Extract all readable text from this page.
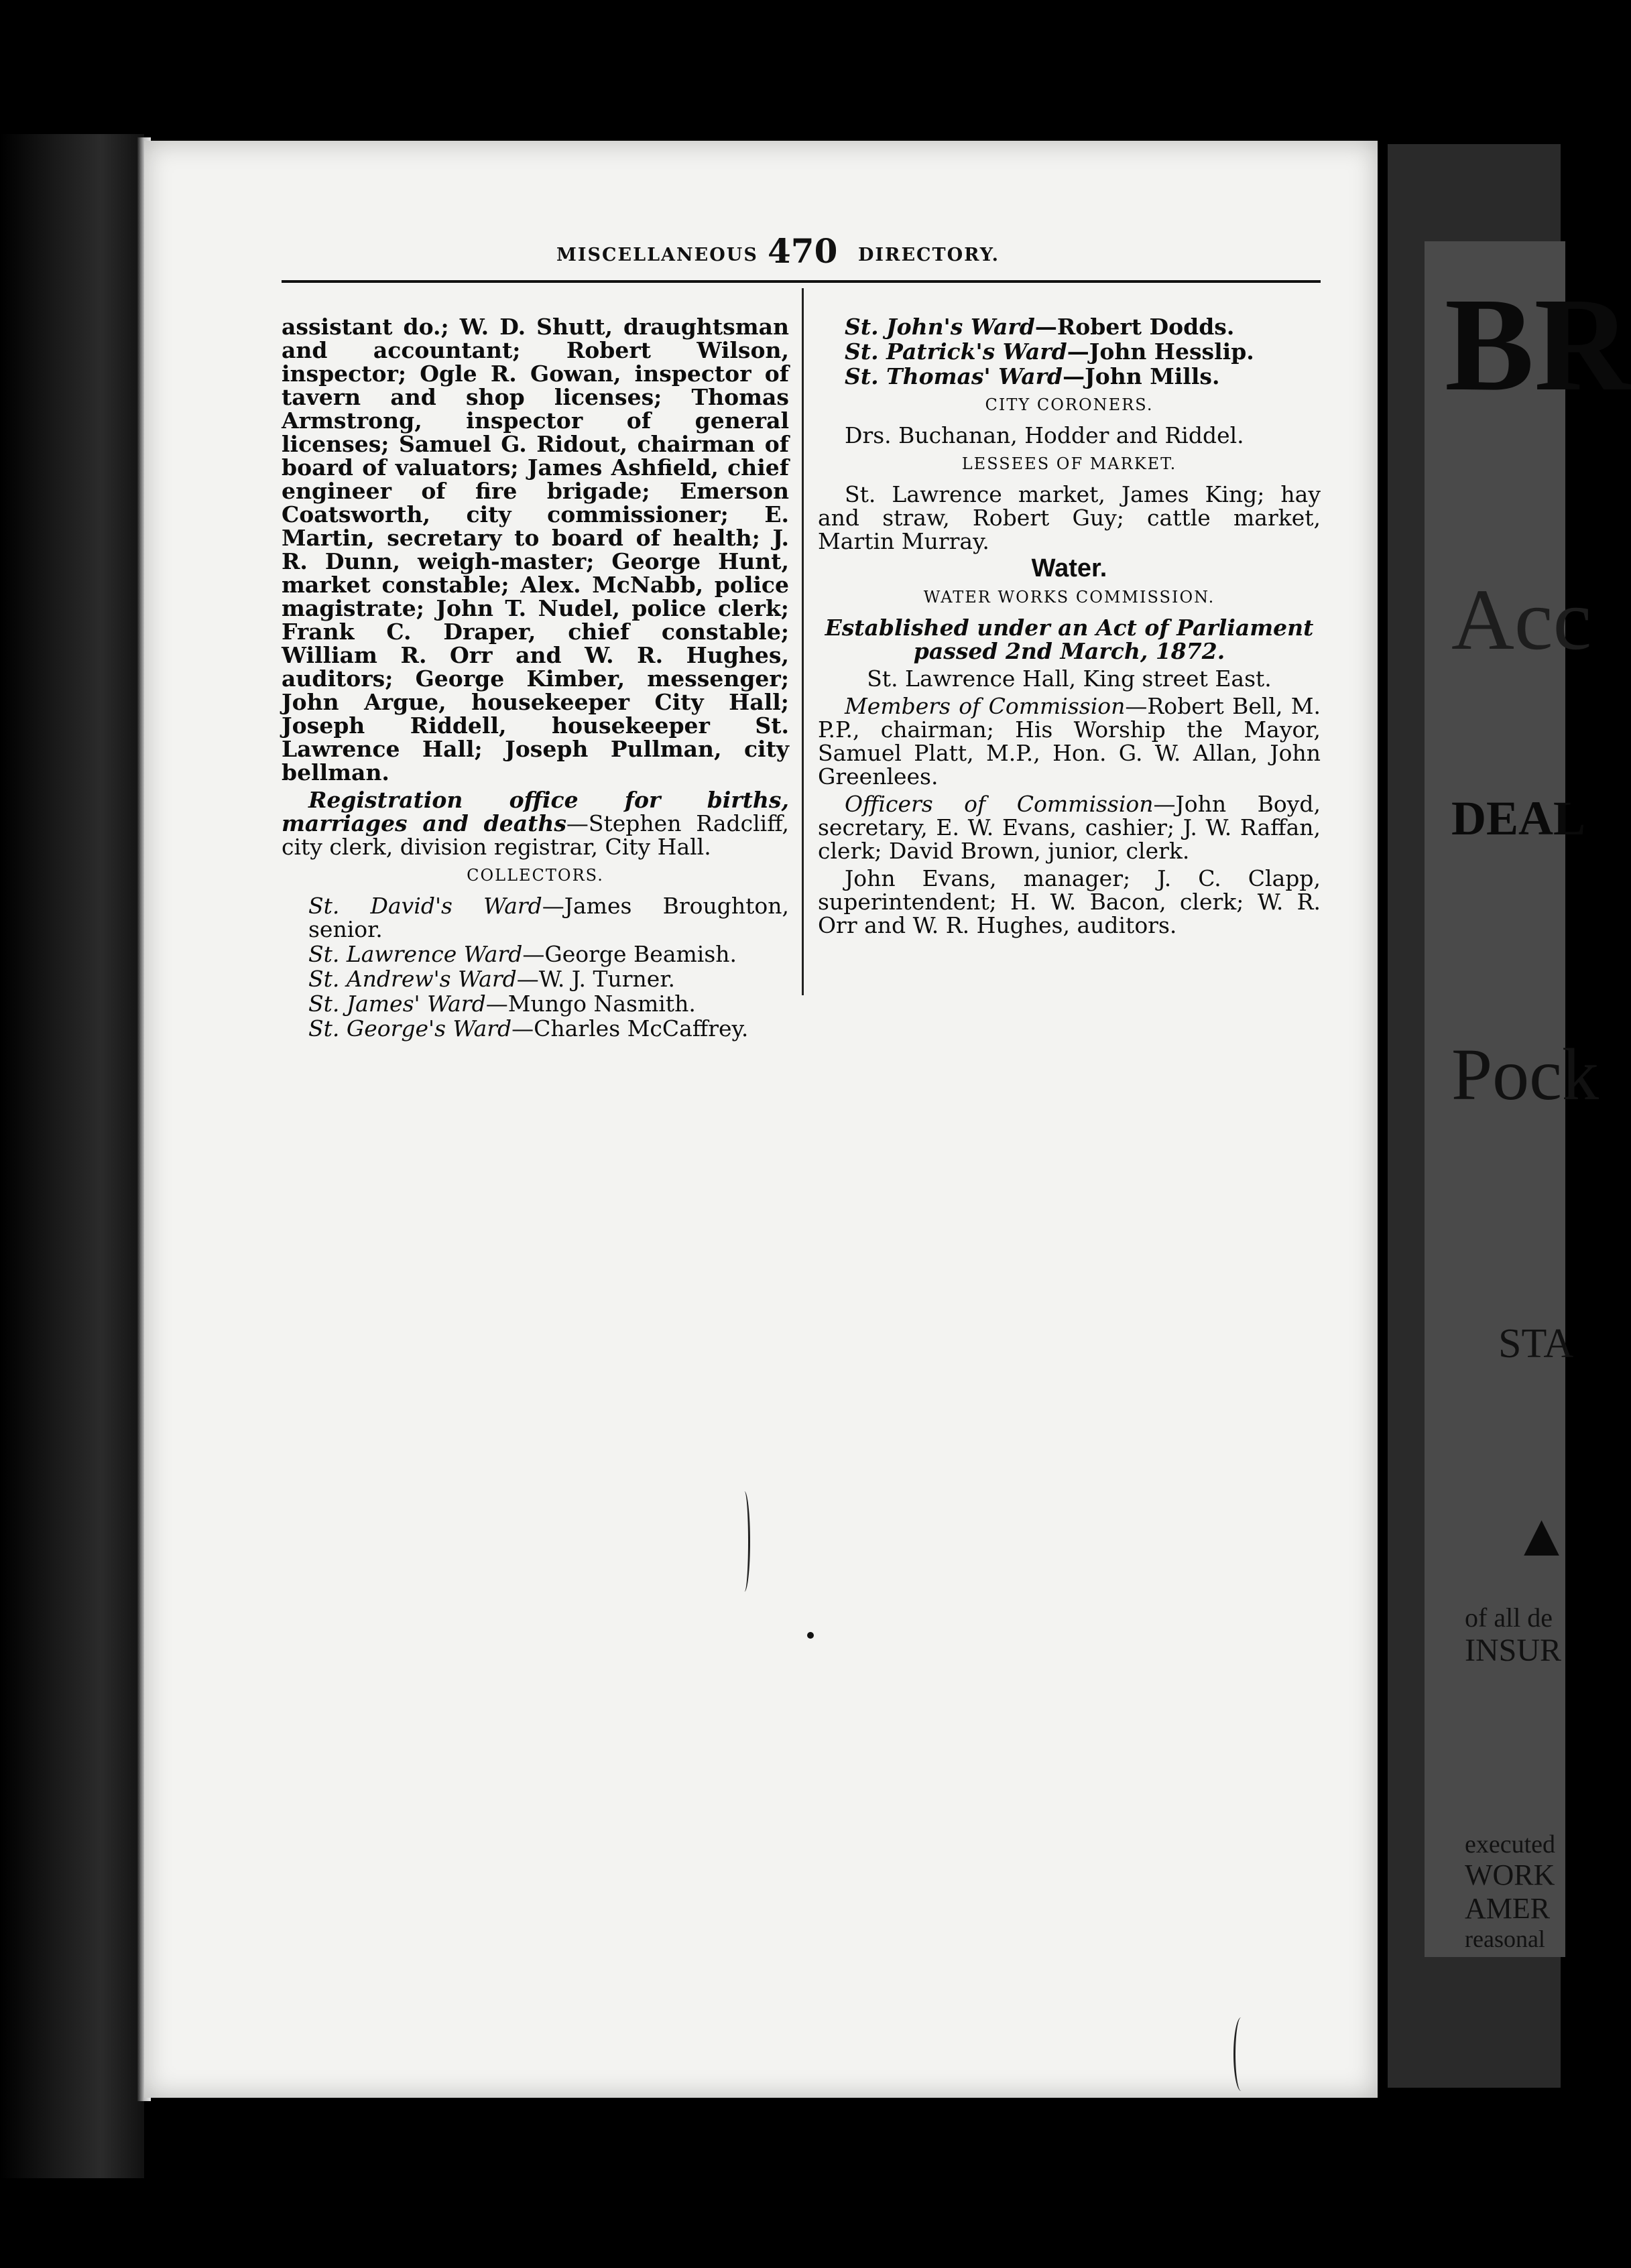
BR
Acc
DEAL
Pock
STA
▲
of all de
INSUR
executed
WORK
AMER
reasonal
MISCELLANEOUS 470 DIRECTORY.

assistant do.; W. D. Shutt, draughtsman and accountant; Robert Wilson, inspector; Ogle R. Gowan, inspector of tavern and shop licenses; Thomas Armstrong, inspector of general licenses; Samuel G. Ridout, chairman of board of valuators; James Ashfield, chief engineer of fire brigade; Emerson Coatsworth, city commissioner; E. Martin, secretary to board of health; J. R. Dunn, weigh-master; George Hunt, market constable; Alex. McNabb, police magistrate; John T. Nudel, police clerk; Frank C. Draper, chief constable; William R. Orr and W. R. Hughes, auditors; George Kimber, messenger; John Argue, housekeeper City Hall; Joseph Riddell, housekeeper St. Lawrence Hall; Joseph Pullman, city bellman.

Registration office for births, marriages and deaths—Stephen Radcliff, city clerk, division registrar, City Hall.

COLLECTORS.

St. David's Ward—James Broughton, senior.

St. Lawrence Ward—George Beamish.

St. Andrew's Ward—W. J. Turner.

St. James' Ward—Mungo Nasmith.

St. George's Ward—Charles McCaffrey.

St. John's Ward—Robert Dodds.

St. Patrick's Ward—John Hesslip.

St. Thomas' Ward—John Mills.

CITY CORONERS.

Drs. Buchanan, Hodder and Riddel.

LESSEES OF MARKET.

St. Lawrence market, James King; hay and straw, Robert Guy; cattle market, Martin Murray.

Water.

WATER WORKS COMMISSION.

Established under an Act of Parliament passed 2nd March, 1872.

St. Lawrence Hall, King street East.

Members of Commission—Robert Bell, M. P.P., chairman; His Worship the Mayor, Samuel Platt, M.P., Hon. G. W. Allan, John Greenlees.

Officers of Commission—John Boyd, secretary, E. W. Evans, cashier; J. W. Raffan, clerk; David Brown, junior, clerk.

John Evans, manager; J. C. Clapp, superintendent; H. W. Bacon, clerk; W. R. Orr and W. R. Hughes, auditors.
